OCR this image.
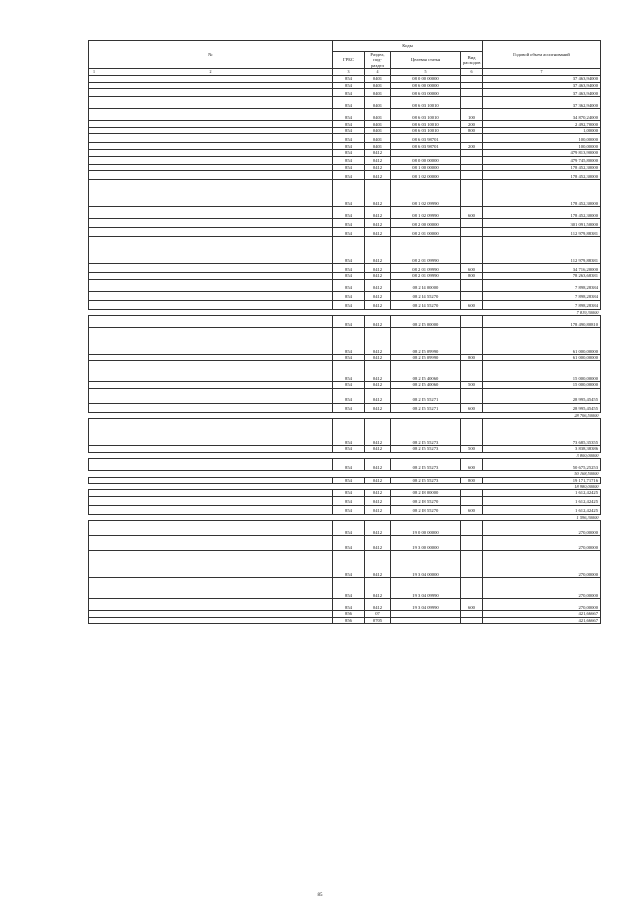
№	Коды				Годовой объем ассигнований
	ГРБС	Раздел, под-раздел	Целевая статья	Вид расходов	

1 2	3	4	5	6	7
	854	0401	08 0 00 00000		37 463,94000
	854	0401	08 6 00 00000		37 463,94000
	854	0401	08 6 03 00000		37 463,94000
	854	0401	08 6 03 10010		37 362,94000
	854	0401	08 6 03 10010	100	34 870,24000
	854	0401	08 6 03 10010	200	2 492,70000
	854	0401	08 6 03 10010	800	1,00000
	854	0401	08 6 03 98701		100,00000
	854	0401	08 6 03 98701	200	100,00000
	854	0412			479 813,90000
	854	0412	08 0 00 00000		479 745,80000
	854	0412	08 1 00 00000		178 452,30000
	854	0412	08 1 02 00000		178 452,30000
	854	0412	08 1 02 09990		178 452,30000
	854	0412	08 1 02 09990	600	178 452,30000
	854	0412	08 2 00 00000		301 091,50000
	854	0412	08 2 01 00000		112 979,88381
	854	0412	08 2 01 09990		112 979,88381
	854	0412	08 2 01 09990	600	34 716,20000
	854	0412	08 2 01 09990	800	78 263,68381
	854	0412	08 2 I4 00000		7 898,28384
	854	0412	08 2 I4 55270		7 898,28384
	854	0412	08 2 I4 55270	600	7 898,28384
					7 819,30000
	854	0412	08 2 I5 00000		178 490,80810
	854	0412	08 2 I5 09990		61 000,00000
	854	0412	08 2 I5 09990	800	61 000,00000
	854	0412	08 2 I5 40060		15 000,00000
	854	0412	08 2 I5 40060	500	15 000,00000
	854	0412	08 2 I5 55271		28 995,45455
	854	0412	08 2 I5 55271	600	28 995,45455
					28 706,50000
	854	0412	08 2 I5 55273		73 685,35355
	854	0412	08 2 I5 55273	500	3 838,38386
					3 800,00000
	854	0412	08 2 I5 55273	600	50 675,25253
					50 168,50000
	854	0412	08 2 I5 55273	800	19 171,71716
					18 980,00000
	854	0412	08 2 I8 00000		1 612,42425
	854	0412	08 2 I8 55270		1 612,42425
	854	0412	08 2 I8 55270	600	1 612,42425
					1 596,30000
	854	0412	19 0 00 00000		270,00000
	854	0412	19 3 00 00000		270,00000
	854	0412	19 3 04 00000		270,00000
	854	0412	19 3 04 09990		270,00000
	854	0412	19 3 04 09990	600	270,00000
	856	07			421,66667
	856	0705			421,66667
85
